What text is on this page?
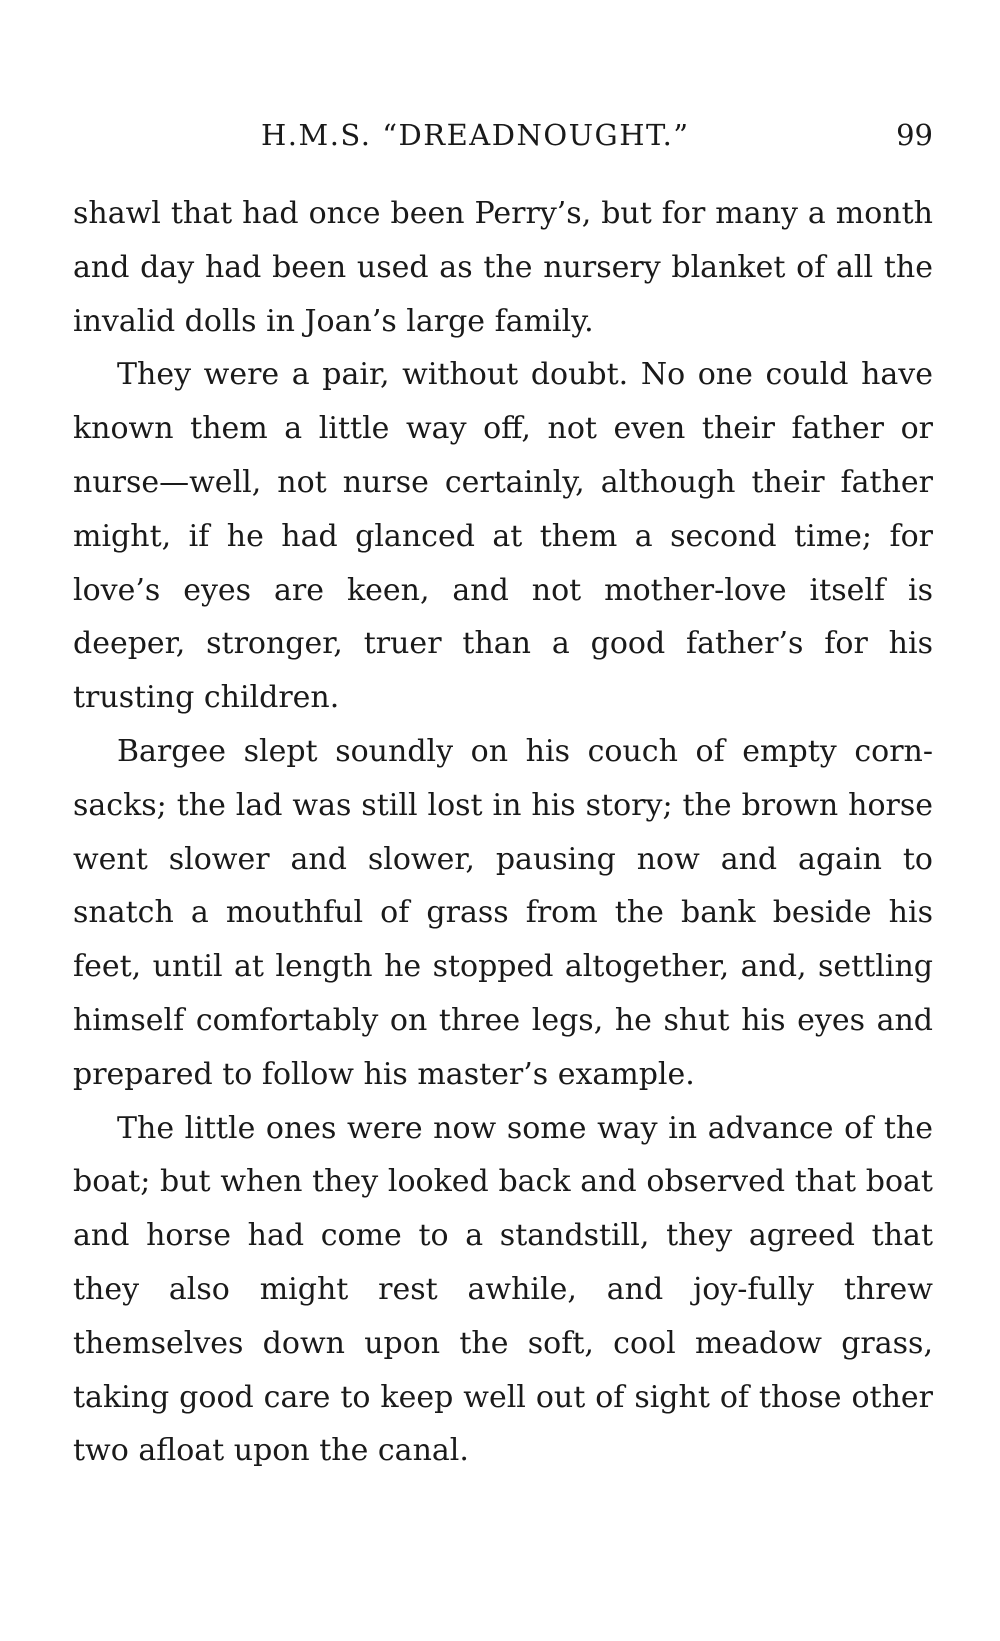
H.M.S. “DREADNOUGHT.”	99

shawl that had once been Perry’s, but for many a month and day had been used as the nursery blanket of all the invalid dolls in Joan’s large family.

They were a pair, without doubt. No one could have known them a little way off, not even their father or nurse—well, not nurse certainly, although their father might, if he had glanced at them a second time; for love’s eyes are keen, and not mother-love itself is deeper, stronger, truer than a good father’s for his trusting children.

Bargee slept soundly on his couch of empty corn-sacks; the lad was still lost in his story; the brown horse went slower and slower, pausing now and again to snatch a mouthful of grass from the bank beside his feet, until at length he stopped altogether, and, settling himself comfortably on three legs, he shut his eyes and prepared to follow his master’s example.

The little ones were now some way in advance of the boat; but when they looked back and observed that boat and horse had come to a standstill, they agreed that they also might rest awhile, and joy-fully threw themselves down upon the soft, cool meadow grass, taking good care to keep well out of sight of those other two afloat upon the canal.
